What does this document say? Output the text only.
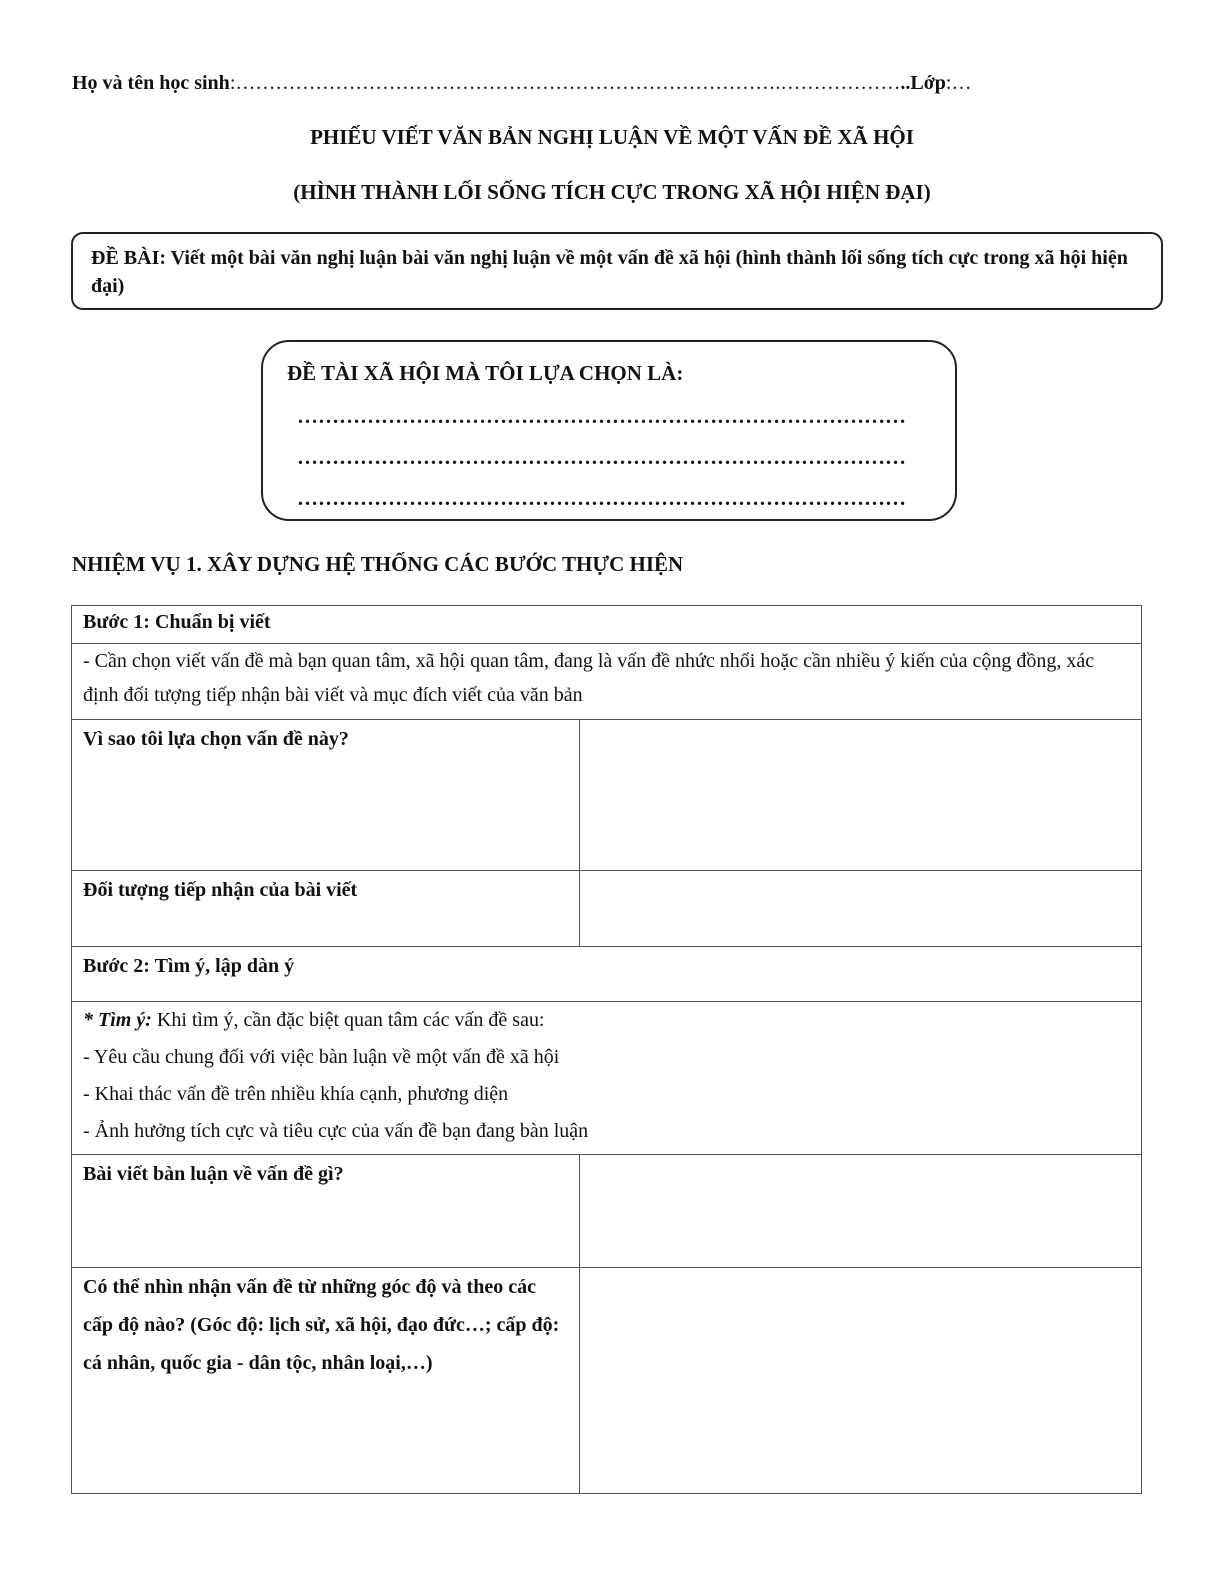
Họ và tên học sinh:……………………………………………………………………….………………..Lớp:…
PHIẾU VIẾT VĂN BẢN NGHỊ LUẬN VỀ MỘT VẤN ĐỀ XÃ HỘI
(HÌNH THÀNH LỐI SỐNG TÍCH CỰC TRONG XÃ HỘI HIỆN ĐẠI)
ĐỀ BÀI: Viết một bài văn nghị luận bài văn nghị luận về một vấn đề xã hội (hình thành lối sống tích cực trong xã hội hiện đại)
ĐỀ TÀI XÃ HỘI MÀ TÔI LỰA CHỌN LÀ:
……………………………………………………………………………
……………………………………………………………………………
……………………………………………………………………………
NHIỆM VỤ 1. XÂY DỰNG HỆ THỐNG CÁC BƯỚC THỰC HIỆN
Bước 1: Chuẩn bị viết	
- Cần chọn viết vấn đề mà bạn quan tâm, xã hội quan tâm, đang là vấn đề nhức nhối hoặc cần nhiều ý kiến của cộng đồng, xác định đối tượng tiếp nhận bài viết và mục đích viết của văn bản	
Vì sao tôi lựa chọn vấn đề này?	
Đối tượng tiếp nhận của bài viết	
Bước 2: Tìm ý, lập dàn ý	

* Tìm ý: Khi tìm ý, cần đặc biệt quan tâm các vấn đề sau:
- Yêu cầu chung đối với việc bàn luận về một vấn đề xã hội
- Khai thác vấn đề trên nhiều khía cạnh, phương diện
- Ảnh hưởng tích cực và tiêu cực của vấn đề bạn đang bàn luận	

Bài viết bàn luận về vấn đề gì?	
Có thể nhìn nhận vấn đề từ những góc độ và theo các cấp độ nào? (Góc độ: lịch sử, xã hội, đạo đức…; cấp độ: cá nhân, quốc gia - dân tộc, nhân loại,…)	
